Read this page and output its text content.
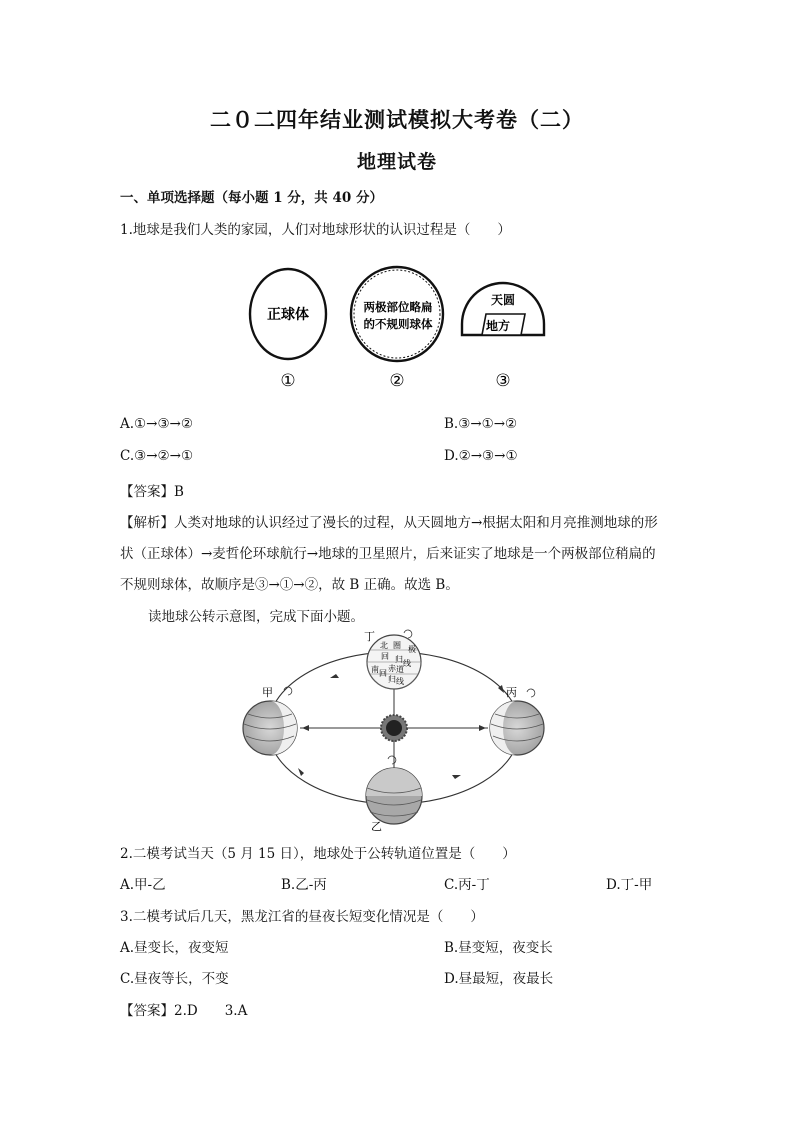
二０二四年结业测试模拟大考卷（二）
地理试卷
一、单项选择题（每小题 1 分，共 40 分）
1.地球是我们人类的家园，人们对地球形状的认识过程是（　　）
正球体	两极部位略扁
的不规则球体
天圆
地方
①	②	③
A.①→③→②	B.③→①→②
C.③→②→①	D.②→③→①
【答案】B
【解析】人类对地球的认识经过了漫长的过程，从天圆地方→根据太阳和月亮推测地球的形
状（正球体）→麦哲伦环球航行→地球的卫星照片，后来证实了地球是一个两极部位稍扁的
不规则球体，故顺序是③→①→②，故 B 正确。故选 B。
读地球公转示意图，完成下面小题。
北
回 归 线
赤 道
南 回
归 线
极
圈
丁
甲	丙
乙
2.二模考试当天（5 月 15 日），地球处于公转轨道位置是（　　）
A.甲-乙	B.乙-丙	C.丙-丁	D.丁-甲
3.二模考试后几天，黑龙江省的昼夜长短变化情况是（　　）
A.昼变长，夜变短	B.昼变短，夜变长
C.昼夜等长，不变	D.昼最短，夜最长
【答案】2.D　　3.A
